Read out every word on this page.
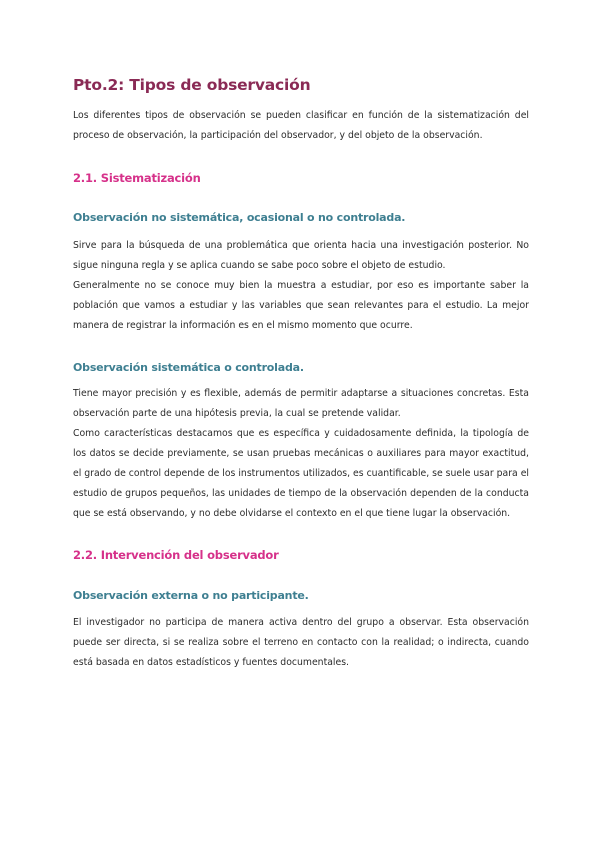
Pto.2: Tipos de observación

Los diferentes tipos de observación se pueden clasificar en función de la sistematización del proceso de observación, la participación del observador, y del objeto de la observación.

2.1. Sistematización
Observación no sistemática, ocasional o no controlada.

Sirve para la búsqueda de una problemática que orienta hacia una investigación posterior. No sigue ninguna regla y se aplica cuando se sabe poco sobre el objeto de estudio.

Generalmente no se conoce muy bien la muestra a estudiar, por eso es importante saber la población que vamos a estudiar y las variables que sean relevantes para el estudio. La mejor manera de registrar la información es en el mismo momento que ocurre.

Observación sistemática o controlada.

Tiene mayor precisión y es flexible, además de permitir adaptarse a situaciones concretas. Esta observación parte de una hipótesis previa, la cual se pretende validar.

Como características destacamos que es específica y cuidadosamente definida, la tipología de los datos se decide previamente, se usan pruebas mecánicas o auxiliares para mayor exactitud, el grado de control depende de los instrumentos utilizados, es cuantificable, se suele usar para el estudio de grupos pequeños, las unidades de tiempo de la observación dependen de la conducta que se está observando, y no debe olvidarse el contexto en el que tiene lugar la observación.

2.2. Intervención del observador
Observación externa o no participante.

El investigador no participa de manera activa dentro del grupo a observar. Esta observación puede ser directa, si se realiza sobre el terreno en contacto con la realidad; o indirecta, cuando está basada en datos estadísticos y fuentes documentales.
